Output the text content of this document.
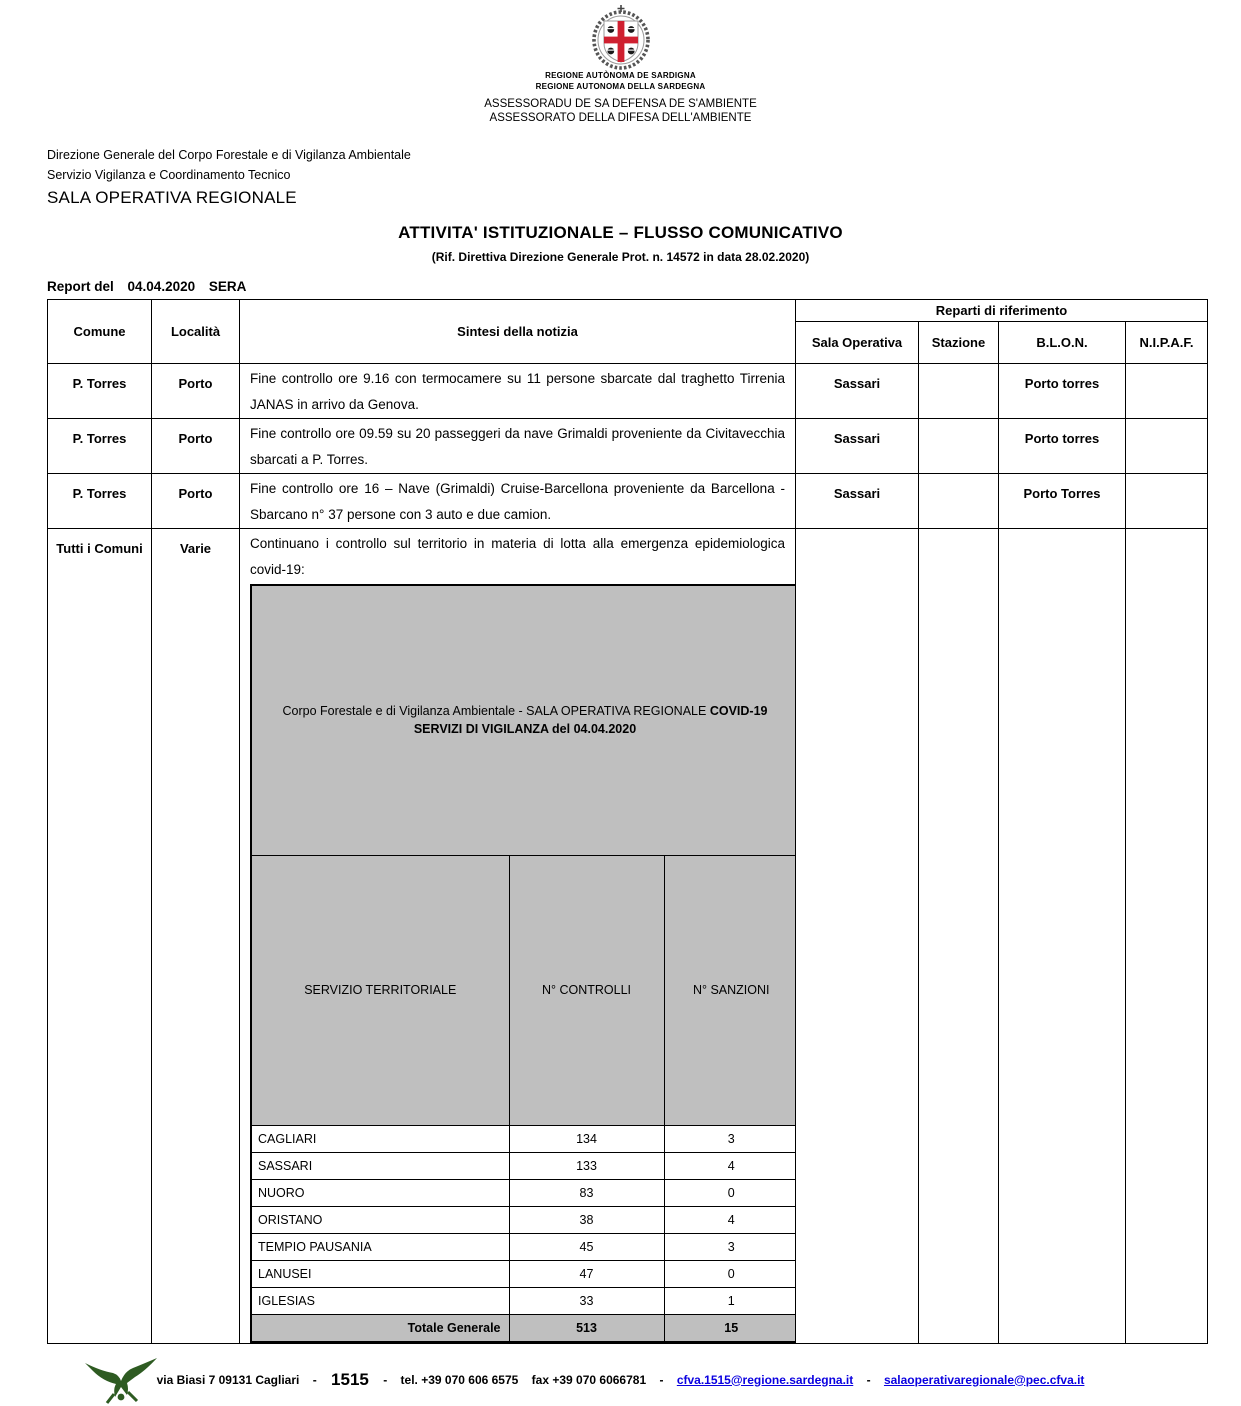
REGIONE AUTÒNOMA DE SARDIGNA
REGIONE AUTONOMA DELLA SARDEGNA
ASSESSORADU DE SA DEFENSA DE S'AMBIENTE
ASSESSORATO DELLA DIFESA DELL'AMBIENTE
Direzione Generale del Corpo Forestale e di Vigilanza Ambientale
Servizio Vigilanza e Coordinamento Tecnico
SALA OPERATIVA REGIONALE
ATTIVITA' ISTITUZIONALE – FLUSSO COMUNICATIVO
(Rif. Direttiva Direzione Generale Prot. n. 14572 in data 28.02.2020)
Report del 04.04.2020 SERA
Comune	Località	Sintesi della notizia	Reparti di riferimento
Sala Operativa	Stazione	B.L.O.N.	N.I.P.A.F.
P. Torres	Porto	Fine controllo ore 9.16 con termocamere su 11 persone sbarcate dal traghetto Tirrenia JANAS in arrivo da Genova.	Sassari		Porto torres	
P. Torres	Porto	Fine controllo ore 09.59 su 20 passeggeri da nave Grimaldi proveniente da Civitavecchia sbarcati a P. Torres.	Sassari		Porto torres	
P. Torres	Porto	Fine controllo ore 16 – Nave (Grimaldi) Cruise-Barcellona proveniente da Barcellona - Sbarcano n° 37 persone con 3 auto e due camion.	Sassari		Porto Torres	
Tutti i Comuni	Varie	Continuano i controllo sul territorio in materia di lotta alla emergenza epidemiologica covid-19:
Corpo Forestale e di Vigilanza Ambientale - SALA OPERATIVA REGIONALE COVID-19
SERVIZI DI VIGILANZA del 04.04.2020
SERVIZIO TERRITORIALE	N° CONTROLLI	N° SANZIONI
CAGLIARI	134	3
SASSARI	133	4
NUORO	83	0
ORISTANO	38	4
TEMPIO PAUSANIA	45	3
LANUSEI	47	0
IGLESIAS	33	1
Totale Generale	513	15

via Biasi 7 09131 Cagliari - 1515 - tel. +39 070 606 6575 fax +39 070 6066781 - cfva.1515@regione.sardegna.it - salaoperativaregionale@pec.cfva.it
